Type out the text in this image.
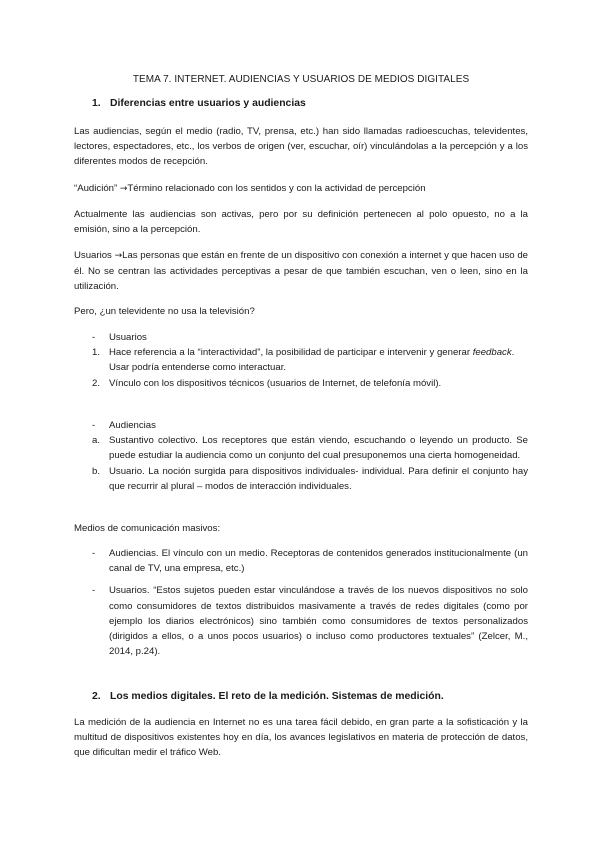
TEMA 7. INTERNET. AUDIENCIAS Y USUARIOS DE MEDIOS DIGITALES
1. Diferencias entre usuarios y audiencias
Las audiencias, según el medio (radio, TV, prensa, etc.) han sido llamadas radioescuchas, televidentes, lectores, espectadores, etc., los verbos de origen (ver, escuchar, oír) vinculándolas a la percepción y a los diferentes modos de recepción.
“Audición” →Término relacionado con los sentidos y con la actividad de percepción
Actualmente las audiencias son activas, pero por su definición pertenecen al polo opuesto, no a la emisión, sino a la percepción.
Usuarios →Las personas que están en frente de un dispositivo con conexión a internet y que hacen uso de él. No se centran las actividades perceptivas a pesar de que también escuchan, ven o leen, sino en la utilización.
Pero, ¿un televidente no usa la televisión?
-	Usuarios
1. Hace referencia a la “interactividad”, la posibilidad de participar e intervenir y generar feedback.
Usar podría entenderse como interactuar.
2. Vínculo con los dispositivos técnicos (usuarios de Internet, de telefonía móvil).
-	Audiencias
a. Sustantivo colectivo. Los receptores que están viendo, escuchando o leyendo un producto. Se puede estudiar la audiencia como un conjunto del cual presuponemos una cierta homogeneidad.
b. Usuario. La noción surgida para dispositivos individuales- individual. Para definir el conjunto hay que recurrir al plural – modos de interacción individuales.
Medios de comunicación masivos:
-	Audiencias. El vínculo con un medio. Receptoras de contenidos generados institucionalmente (un canal de TV, una empresa, etc.)
-	Usuarios. “Estos sujetos pueden estar vinculándose a través de los nuevos dispositivos no solo como consumidores de textos distribuidos masivamente a través de redes digitales (como por ejemplo los diarios electrónicos) sino también como consumidores de textos personalizados (dirigidos a ellos, o a unos pocos usuarios) o incluso como productores textuales” (Zelcer, M., 2014, p.24).
2. Los medios digitales. El reto de la medición. Sistemas de medición.
La medición de la audiencia en Internet no es una tarea fácil debido, en gran parte a la sofisticación y la multitud de dispositivos existentes hoy en día, los avances legislativos en materia de protección de datos, que dificultan medir el tráfico Web.
